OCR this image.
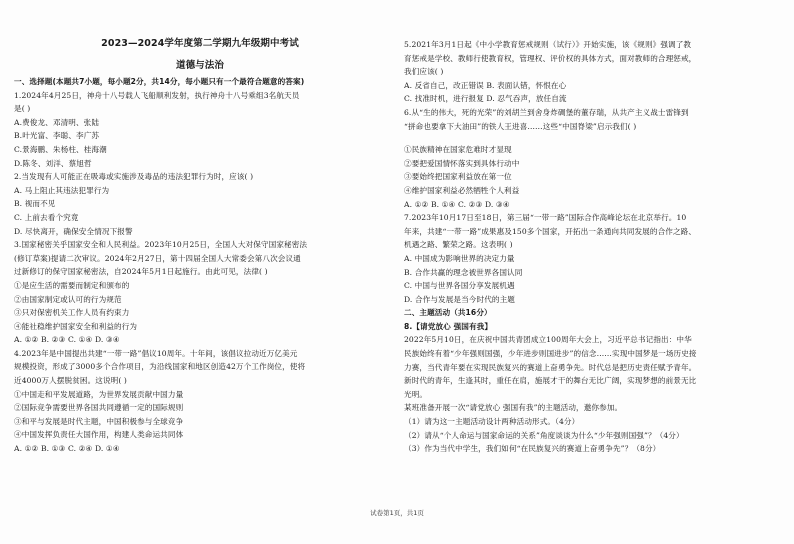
2023—2024学年度第二学期九年级期中考试
道德与法治
一、选择题(本题共7小题，每小题2分，共14分，每小题只有一个最符合题意的答案)
1.2024年4月25日，神舟十八号载人飞船顺利发射，执行神舟十八号乘组3名航天员
是( )
A.费俊龙、邓清明、张陆
B.叶光富、李聪、李广苏
C.景海鹏、朱杨柱、桂海潮
D.陈冬、刘洋、蔡旭哲
2.当发现有人可能正在吸毒或实施涉及毒品的违法犯罪行为时，应该( )
A. 马上阻止其违法犯罪行为
B. 视而不见
C. 上前去看个究竟
D. 尽快离开，确保安全情况下报警
3.国家秘密关乎国家安全和人民利益。2023年10月25日，全国人大对保守国家秘密法
(修订草案)提请二次审议。2024年2月27日，第十四届全国人大常委会第八次会议通
过新修订的保守国家秘密法，自2024年5月1日起施行。由此可见，法律( )
①是应生活的需要而制定和颁布的
②由国家制定或认可的行为规范
③只对保密机关工作人员有约束力
④能社稳维护国家安全和利益的行为
A. ①② B. ②③ C. ①④ D. ③④
4.2023年是中国提出共建“一带一路”倡议10周年。十年间，该倡议拉动近万亿美元
规模投资，形成了3000多个合作项目，为沿线国家和地区创造42万个工作岗位，使将
近4000万人摆脱贫困。这说明( )
①中国走和平发展道路，为世界发展贡献中国力量
②国际竞争需要世界各国共同遵循一定的国际规则
③和平与发展是时代主题，中国积极参与全球竞争
④中国发挥负责任大国作用，构建人类命运共同体
A. ①② B. ①③ C. ②④ D. ①④
5.2021年3月1日起《中小学教育惩戒规则（试行）》开始实施，该《规则》强调了教
育惩戒是学校、教师行使教育权，管理权、评价权的具体方式，面对教师的合理惩戒，
我们应该( )
A. 反省自己，改正错误 B. 表面认错，怀恨在心
C. 找准时机，进行报复 D. 忍气吞声，放任自流
6.从“生的伟大，死的光荣”的刘胡兰到舍身炸碉堡的董存瑞，从共产主义战士雷锋到
“拼命也要拿下大油田”的铁人王进喜……这些“中国脊梁”启示我们( )
①民族精神在国家危难时才显现
②要把爱国情怀落实到具体行动中
③要始终把国家利益放在第一位
④维护国家利益必然牺牲个人利益
A. ①② B. ①④ C. ②③ D. ③④
7.2023年10月17日至18日，第三届“一带一路”国际合作高峰论坛在北京举行。10
年来，共建“一带一路”成果惠及150多个国家，开拓出一条通向共同发展的合作之路、
机遇之路、繁荣之路。这表明( )
A. 中国成为影响世界的决定力量
B. 合作共赢的理念被世界各国认同
C. 中国与世界各国分享发展机遇
D. 合作与发展是当今时代的主题
二、主题活动（共16分）
8.【请党放心 强国有我】
2022年5月10日，在庆祝中国共青团成立100周年大会上，习近平总书记指出：中华
民族始终有着“少年强则国强，少年进步则国进步”的信念……实现中国梦是一场历史接
力赛，当代青年要在实现民族复兴的赛道上奋勇争先。时代总是把历史责任赋予青年。
新时代的青年，生逢其时，重任在肩，施展才干的舞台无比广阔，实现梦想的前景无比
光明。
某班准备开展一次“请党放心 强国有我”的主题活动，邀你参加。
（1）请为这一主题活动设计两种活动形式。（4分）
（2）请从“个人命运与国家命运的关系”角度谈谈为什么“少年强则国强”？（4分）
（3）作为当代中学生，我们如何“在民族复兴的赛道上奋勇争先”？（8分）
试卷第1页，共1页
